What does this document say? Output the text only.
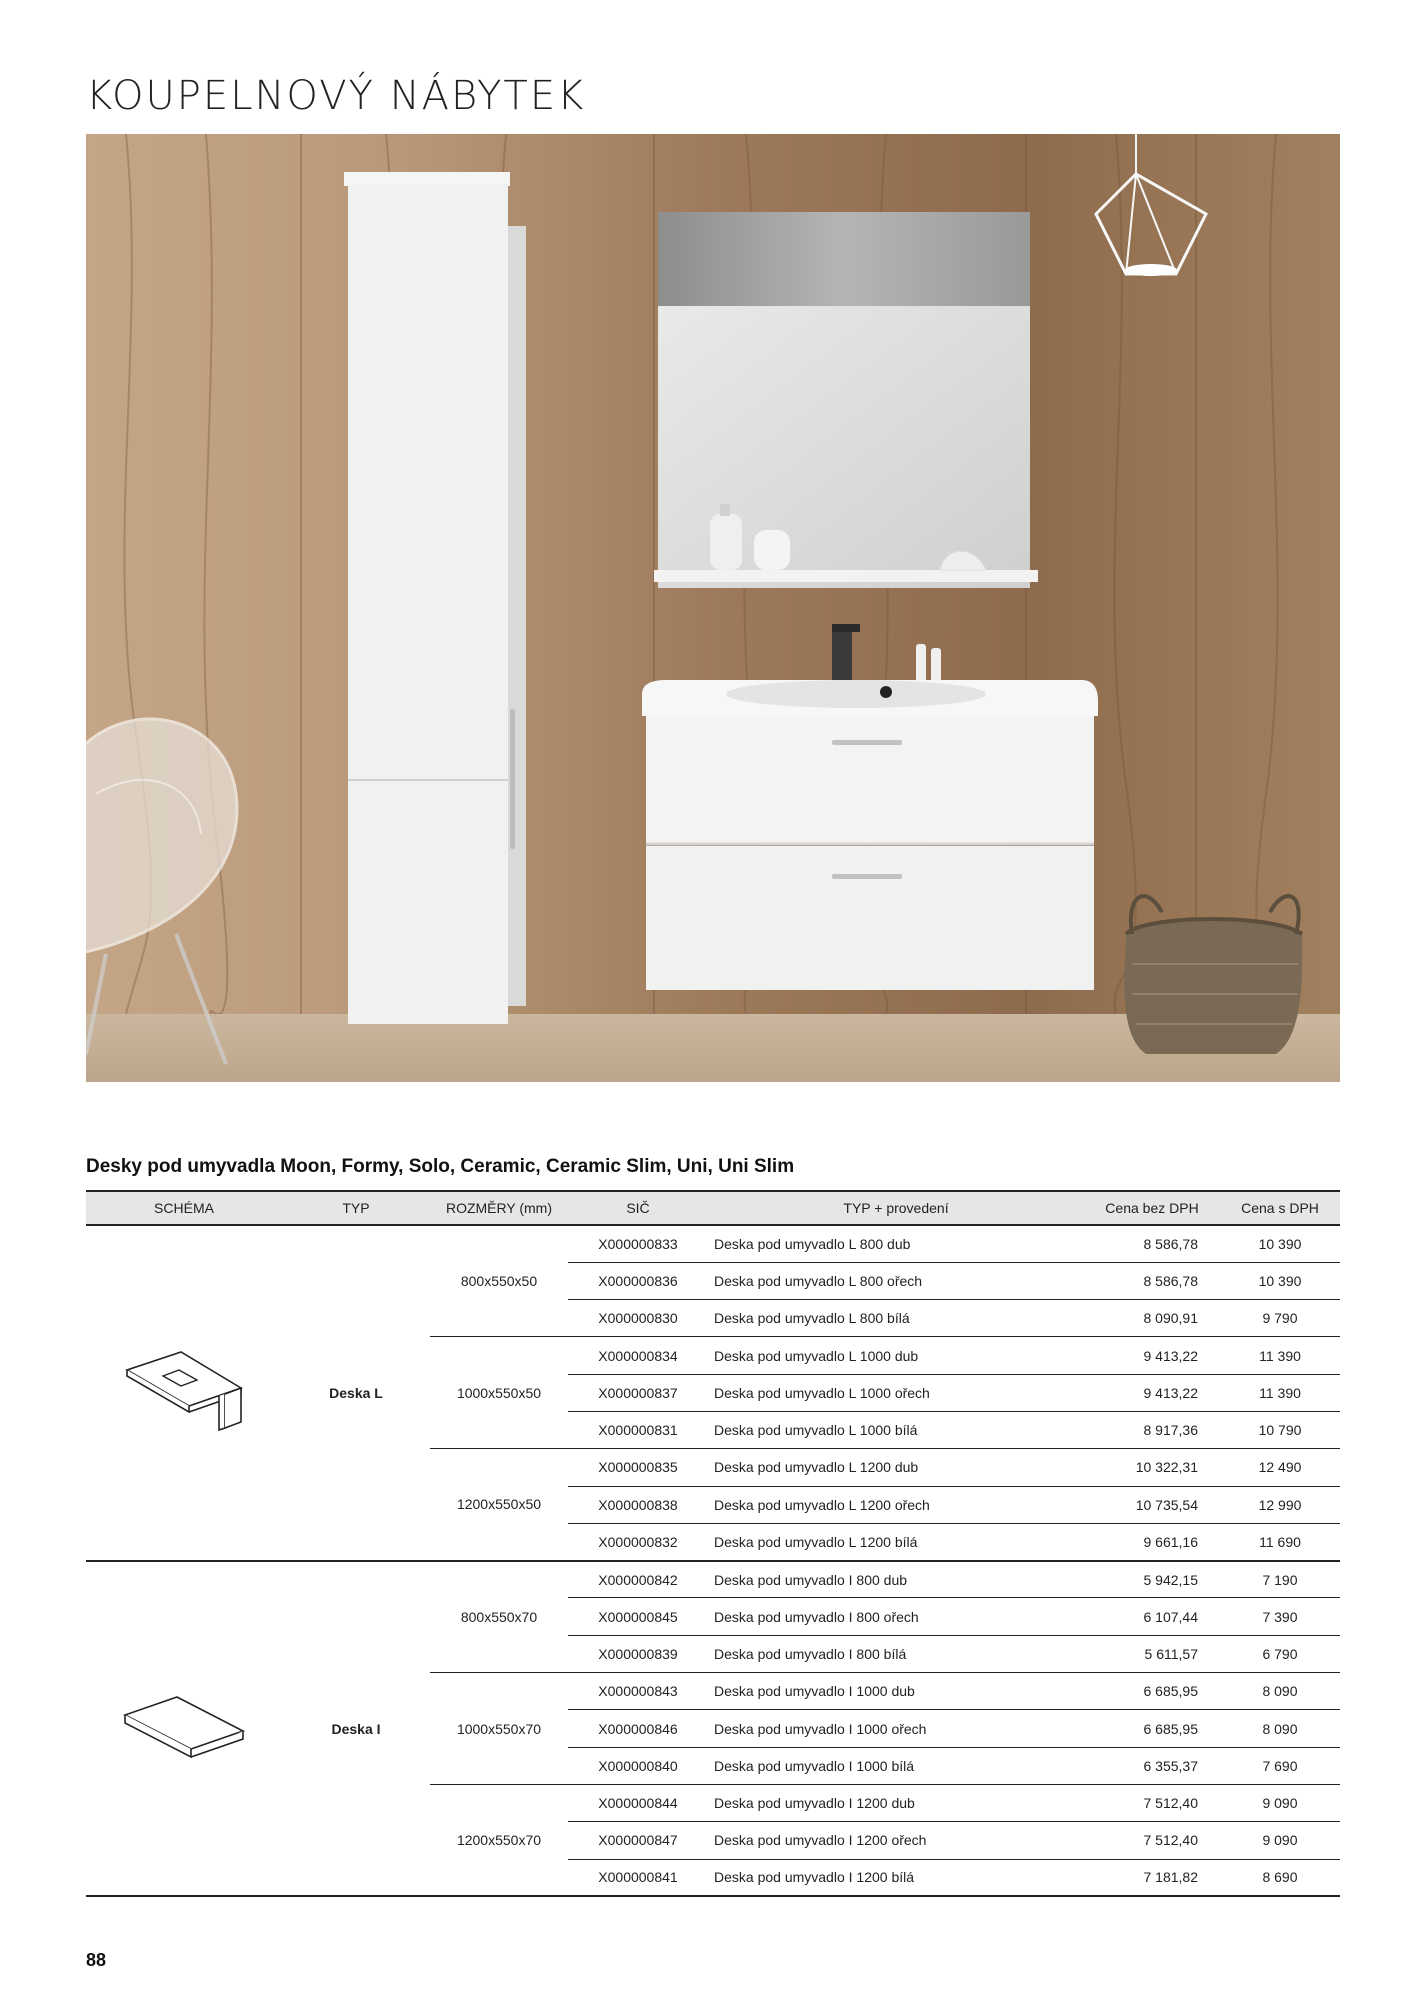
KOUPELNOVÝ NÁBYTEK
Desky pod umyvadla Moon, Formy, Solo, Ceramic, Ceramic Slim, Uni, Uni Slim
SCHÉMA	TYP	ROZMĚRY (mm)	SIČ	TYP + provedení	Cena bez DPH	Cena s DPH
	Deska L	800x550x50	X000000833	Deska pod umyvadlo L 800 dub	8 586,78	10 390
			X000000836	Deska pod umyvadlo L 800 ořech	8 586,78	10 390
			X000000830	Deska pod umyvadlo L 800 bílá	8 090,91	9 790
		1000x550x50	X000000834	Deska pod umyvadlo L 1000 dub	9 413,22	11 390
			X000000837	Deska pod umyvadlo L 1000 ořech	9 413,22	11 390
			X000000831	Deska pod umyvadlo L 1000 bílá	8 917,36	10 790
		1200x550x50	X000000835	Deska pod umyvadlo L 1200 dub	10 322,31	12 490
			X000000838	Deska pod umyvadlo L 1200 ořech	10 735,54	12 990
			X000000832	Deska pod umyvadlo L 1200 bílá	9 661,16	11 690
	Deska I	800x550x70	X000000842	Deska pod umyvadlo I 800 dub	5 942,15	7 190
			X000000845	Deska pod umyvadlo I 800 ořech	6 107,44	7 390
			X000000839	Deska pod umyvadlo I 800 bílá	5 611,57	6 790
		1000x550x70	X000000843	Deska pod umyvadlo I 1000 dub	6 685,95	8 090
			X000000846	Deska pod umyvadlo I 1000 ořech	6 685,95	8 090
			X000000840	Deska pod umyvadlo I 1000 bílá	6 355,37	7 690
		1200x550x70	X000000844	Deska pod umyvadlo I 1200 dub	7 512,40	9 090
			X000000847	Deska pod umyvadlo I 1200 ořech	7 512,40	9 090
			X000000841	Deska pod umyvadlo I 1200 bílá	7 181,82	8 690
88
